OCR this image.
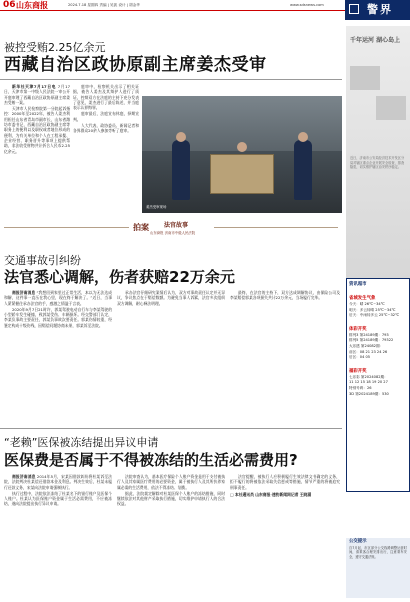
06 山东商报	2024.7.18 星期四 责编 | 吴凯 设计 | 胡金华	www.sdsnews.com	警界
被控受贿2.25亿余元
西藏自治区政协原副主席姜杰受审

新华社天津7月17日电 7月17日，天津市第一中级人民法院一审公开开庭审理了西藏自治区政协原副主席姜杰受贿一案。

天津市人民检察院第一分院起诉指控：2000年至2022年，被告人姜杰利用担任山东省青岛市副市长，山东省潍坊市委书记，西藏自治区政协副主席等职务上的便利以及职权或者地位形成的便利，为有关单位和个人在工程承揽、企业经营、职务晋升等事项上提供帮助，非法收受财物共计折合人民币2.25亿余元。

庭审中，检察机关出示了相关证据，被告人姜杰及其辩护人进行了质证，控辩双方在法庭的主持下充分发表了意见，姜杰进行了最后陈述，并当庭表示认罪悔罪。

庭审最后，法庭宣布休庭，择期宣判。

人大代表、政协委员、新闻记者和各界群众20余人参加旁听了庭审。

姜杰受审现场
拍案	法官故事
山东商报 济南市中级人民法院
交通事故引纠纷
法官悉心调解，伤者获赔22万余元

商报济南消息 “我想回到家里过正常生活，本以为无法达成和解，这件事一直压在我心里，现在终于解决了。”近日，当事人紧紧握住承办法官的手，感激之情溢于言表。

2020年9月7日21时许，郭某驾驶电动自行车与李某驾驶的小型轿车发生碰撞，致郭某受伤、车辆损坏。经交警部门认定，李某负事故主要责任，郭某负事故次要责任。郭某伤情较重，经鉴定构成十级伤残，因赔偿问题协商未果，郭某诉至法院。

承办法官仔细研究案情后认为，双方对事故责任认定并无异议，争议焦点在于赔偿数额。为避免当事人诉累，法官多次组织双方调解，耐心释法明理。

最终，在法官的主持下，双方达成调解协议，由保险公司及李某赔偿郭某各项损失共计22万余元，当场履行完毕。

“老赖”医保被冻结提出异议申请
医保费是否属于不得被冻结的生活必需费用?

商报济南消息 2014年5月，宋某因借款纠纷将杜某诉至法院，法院判决杜某偿还借款本金及利息。判决生效后，杜某未履行还款义务，宋某向法院申请强制执行。

执行过程中，法院依法冻结了杜某名下的银行账户及医保个人账户。杜某认为医保账户资金属于生活必需费用，不应被冻结，遂向法院提出执行异议申请。

法院审查认为，基本医疗保险个人账户资金是用于支付被执行人及其家属医疗费用的必要资金，属于被执行人及其所扶养家属必需的生活费用，依法不得冻结、划拨。

据此，法院裁定解除对杜某医保个人账户的冻结措施，同时继续依法对其他财产采取执行措施，切实维护申请执行人的合法权益。

法官提醒，被执行人应积极履行生效法律文书确定的义务，拒不履行的将被依法采取失信惩戒等措施，情节严重的将被追究刑事责任。

□ 本社通讯员 山东商报·速豹新闻网记者 王晓涵

千年运河 湖心岛上
近日，济南市公安局经济技术开发区分局对辖区重点企业开展安全检查，排查隐患，切实维护辖区治安秩序稳定。
资讯超市
省城发生气象
今天：晴 26℃~34℃
明天：多云转晴 25℃~34℃
后天：中雨转多云 25℃~32℃
体彩开奖
排列3 第24189期：793
排列5 第24189期：79322
大乐透 第24082期：
前区：08 21 23 24 26
后区：04 05
福彩开奖
七乐彩 第2024082期：
11 12 15 18 19 20 27
特别号码：26
3D 第2024189期：530
公交提示
自7月起，市区部分公交线路调整运营时间，请乘客合理安排出行，注意乘车安全，遵守交通法规。
